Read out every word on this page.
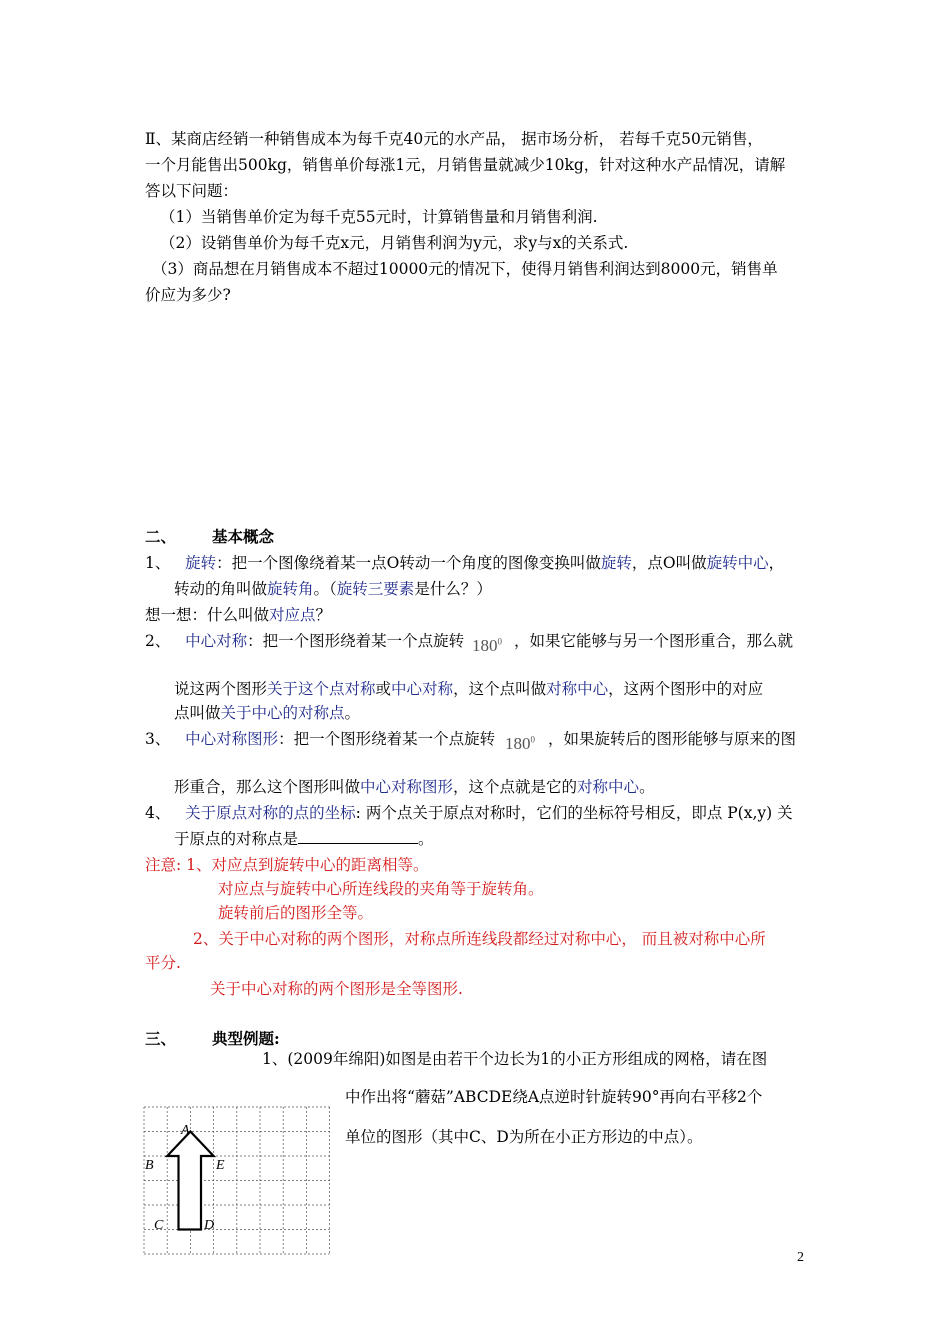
Ⅱ、某商店经销一种销售成本为每千克40元的水产品， 据市场分析， 若每千克50元销售，
一个月能售出500kg，销售单价每涨1元，月销售量就减少10kg，针对这种水产品情况，请解
答以下问题：
（1）当销售单价定为每千克55元时，计算销售量和月销售利润.
（2）设销售单价为每千克x元，月销售利润为y元，求y与x的关系式.
（3）商品想在月销售成本不超过10000元的情况下，使得月销售利润达到8000元，销售单
价应为多少?
二、 基本概念
1、 旋转：把一个图像绕着某一点O转动一个角度的图像变换叫做旋转，点O叫做旋转中心，
转动的角叫做旋转角。（旋转三要素是什么？）
想一想：什么叫做对应点？
2、 中心对称：把一个图形绕着某一个点旋转 $180^0$ ，如果它能够与另一个图形重合，那么就
说这两个图形关于这个点对称或中心对称，这个点叫做对称中心，这两个图形中的对应
点叫做关于中心的对称点。
3、 中心对称图形：把一个图形绕着某一个点旋转 $180^0$ ，如果旋转后的图形能够与原来的图
形重合，那么这个图形叫做中心对称图形，这个点就是它的对称中心。
4、 关于原点对称的点的坐标: 两个点关于原点对称时，它们的坐标符号相反，即点 P(x,y) 关
于原点的对称点是	。
注意: 1、对应点到旋转中心的距离相等。
对应点与旋转中心所连线段的夹角等于旋转角。
旋转前后的图形全等。
2、关于中心对称的两个图形，对称点所连线段都经过对称中心， 而且被对称中心所
平分.
关于中心对称的两个图形是全等图形.
三、 典型例题:
1、(2009年绵阳)如图是由若干个边长为1的小正方形组成的网格，请在图
中作出将“蘑菇”ABCDE绕A点逆时针旋转90°再向右平移2个
单位的图形（其中C、D为所在小正方形边的中点）。
A
B	E
C	D
2
